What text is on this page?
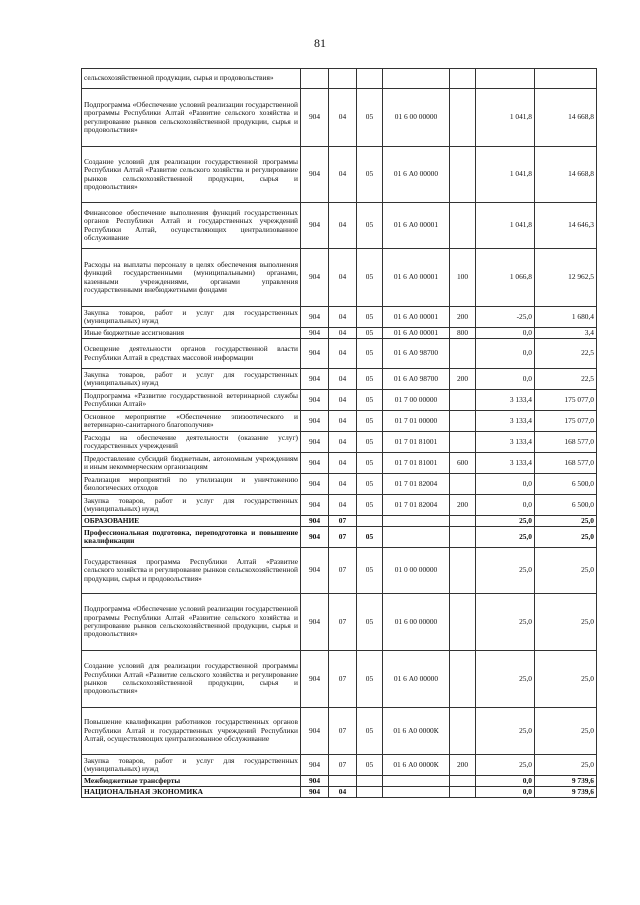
81
сельскохозяйственной продукции, сырья и продовольствия»							
Подпрограмма «Обеспечение условий реализации государственной программы Республики Алтай «Развитие сельского хозяйства и регулирование рынков сельскохозяйственной продукции, сырья и продовольствия»	904	04	05	01 6 00 00000		1 041,8	14 668,8
Создание условий для реализации государственной программы Республики Алтай «Развитие сельского хозяйства и регулирование рынков сельскохозяйственной продукции, сырья и продовольствия»	904	04	05	01 6 А0 00000		1 041,8	14 668,8
Финансовое обеспечение выполнения функций государственных органов Республики Алтай и государственных учреждений Республики Алтай, осуществляющих централизованное обслуживание	904	04	05	01 6 А0 00001		1 041,8	14 646,3
Расходы на выплаты персоналу в целях обеспечения выполнения функций государственными (муниципальными) органами, казенными учреждениями, органами управления государственными внебюджетными фондами	904	04	05	01 6 А0 00001	100	1 066,8	12 962,5
Закупка товаров, работ и услуг для государственных (муниципальных) нужд	904	04	05	01 6 А0 00001	200	-25,0	1 680,4
Иные бюджетные ассигнования	904	04	05	01 6 А0 00001	800	0,0	3,4
Освещение деятельности органов государственной власти Республики Алтай в средствах массовой информации	904	04	05	01 6 А0 98700		0,0	22,5
Закупка товаров, работ и услуг для государственных (муниципальных) нужд	904	04	05	01 6 А0 98700	200	0,0	22,5
Подпрограмма «Развитие государственной ветеринарной службы Республики Алтай»	904	04	05	01 7 00 00000		3 133,4	175 077,0
Основное мероприятие «Обеспечение эпизоотического и ветеринарно-санитарного благополучия»	904	04	05	01 7 01 00000		3 133,4	175 077,0
Расходы на обеспечение деятельности (оказание услуг) государственных учреждений	904	04	05	01 7 01 81001		3 133,4	168 577,0
Предоставление субсидий бюджетным, автономным учреждениям и иным некоммерческим организациям	904	04	05	01 7 01 81001	600	3 133,4	168 577,0
Реализация мероприятий по утилизации и уничтожению биологических отходов	904	04	05	01 7 01 82004		0,0	6 500,0
Закупка товаров, работ и услуг для государственных (муниципальных) нужд	904	04	05	01 7 01 82004	200	0,0	6 500,0
ОБРАЗОВАНИЕ	904	07				25,0	25,0
Профессиональная подготовка, переподготовка и повышение квалификации	904	07	05			25,0	25,0
Государственная программа Республики Алтай «Развитие сельского хозяйства и регулирование рынков сельскохозяйственной продукции, сырья и продовольствия»	904	07	05	01 0 00 00000		25,0	25,0
Подпрограмма «Обеспечение условий реализации государственной программы Республики Алтай «Развитие сельского хозяйства и регулирование рынков сельскохозяйственной продукции, сырья и продовольствия»	904	07	05	01 6 00 00000		25,0	25,0
Создание условий для реализации государственной программы Республики Алтай «Развитие сельского хозяйства и регулирование рынков сельскохозяйственной продукции, сырья и продовольствия»	904	07	05	01 6 А0 00000		25,0	25,0
Повышение квалификации работников государственных органов Республики Алтай и государственных учреждений Республики Алтай, осуществляющих централизованное обслуживание	904	07	05	01 6 А0 0000К		25,0	25,0
Закупка товаров, работ и услуг для государственных (муниципальных) нужд	904	07	05	01 6 А0 0000К	200	25,0	25,0
Межбюджетные трансферты	904					0,0	9 739,6
НАЦИОНАЛЬНАЯ ЭКОНОМИКА	904	04				0,0	9 739,6
